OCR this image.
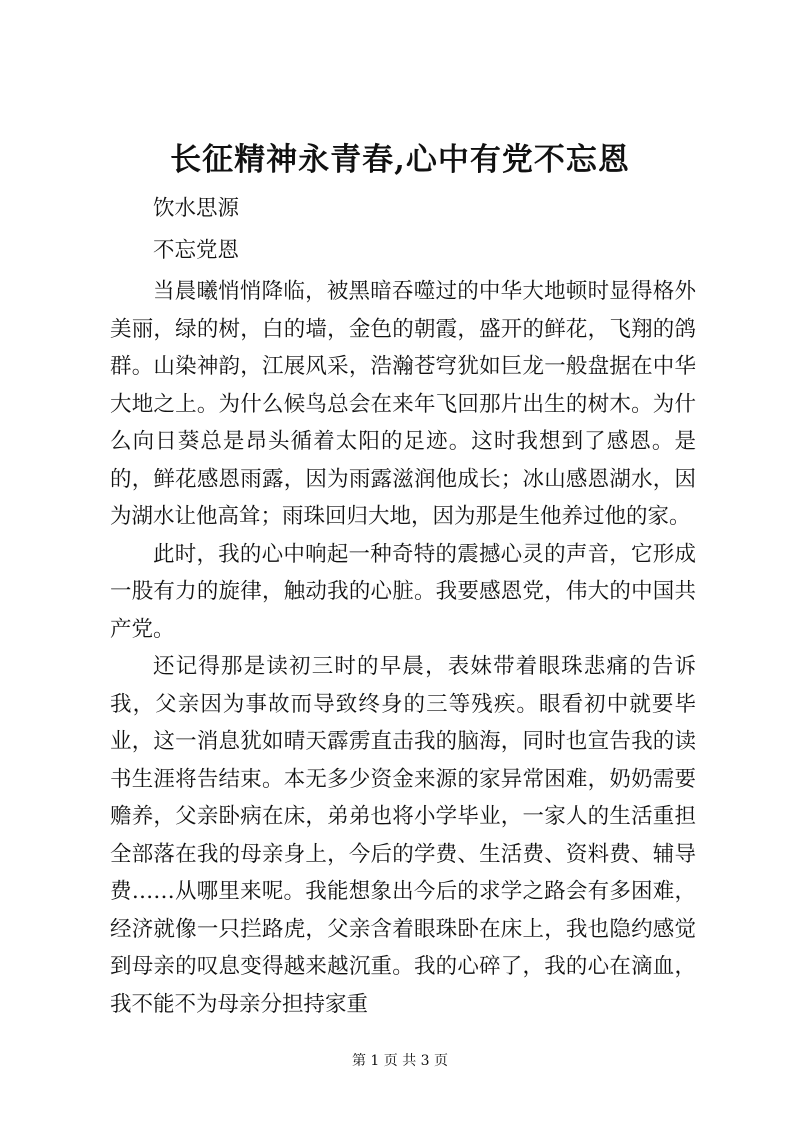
长征精神永青春,心中有党不忘恩

饮水思源

不忘党恩

当晨曦悄悄降临，被黑暗吞噬过的中华大地顿时显得格外美丽，绿的树，白的墙，金色的朝霞，盛开的鲜花，飞翔的鸽群。山染神韵，江展风采，浩瀚苍穹犹如巨龙一般盘据在中华大地之上。为什么候鸟总会在来年飞回那片出生的树木。为什么向日葵总是昂头循着太阳的足迹。这时我想到了感恩。是的，鲜花感恩雨露，因为雨露滋润他成长；冰山感恩湖水，因为湖水让他高耸；雨珠回归大地，因为那是生他养过他的家。

此时，我的心中响起一种奇特的震撼心灵的声音，它形成一股有力的旋律，触动我的心脏。我要感恩党，伟大的中国共产党。

还记得那是读初三时的早晨，表妹带着眼珠悲痛的告诉我，父亲因为事故而导致终身的三等残疾。眼看初中就要毕业，这一消息犹如晴天霹雳直击我的脑海，同时也宣告我的读书生涯将告结束。本无多少资金来源的家异常困难，奶奶需要赡养，父亲卧病在床，弟弟也将小学毕业，一家人的生活重担全部落在我的母亲身上，今后的学费、生活费、资料费、辅导费……从哪里来呢。我能想象出今后的求学之路会有多困难，经济就像一只拦路虎，父亲含着眼珠卧在床上，我也隐约感觉到母亲的叹息变得越来越沉重。我的心碎了，我的心在滴血，我不能不为母亲分担持家重

第 1 页 共 3 页
